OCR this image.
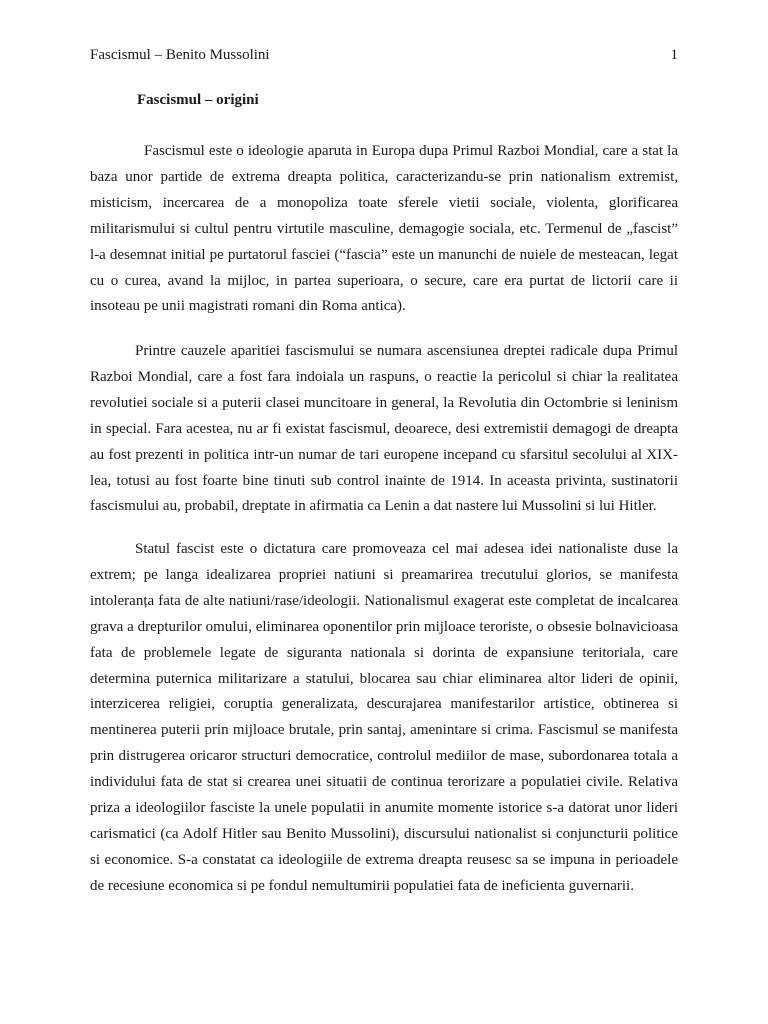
Fascismul – Benito Mussolini	1
Fascismul – origini

Fascismul este o ideologie aparuta in Europa dupa Primul Razboi Mondial, care a stat la baza unor partide de extrema dreapta politica, caracterizandu-se prin nationalism extremist, misticism, incercarea de a monopoliza toate sferele vietii sociale, violenta, glorificarea militarismului si cultul pentru virtutile masculine, demagogie sociala, etc. Termenul de „fascist” l-a desemnat initial pe purtatorul fasciei (“fascia” este un manunchi de nuiele de mesteacan, legat cu o curea, avand la mijloc, in partea superioara, o secure, care era purtat de lictorii care ii insoteau pe unii magistrati romani din Roma antica).

Printre cauzele aparitiei fascismului se numara ascensiunea dreptei radicale dupa Primul Razboi Mondial, care a fost fara indoiala un raspuns, o reactie la pericolul si chiar la realitatea revolutiei sociale si a puterii clasei muncitoare in general, la Revolutia din Octombrie si leninism in special. Fara acestea, nu ar fi existat fascismul, deoarece, desi extremistii demagogi de dreapta au fost prezenti in politica intr-un numar de tari europene incepand cu sfarsitul secolului al XIX-lea, totusi au fost foarte bine tinuti sub control inainte de 1914. In aceasta privinta, sustinatorii fascismului au, probabil, dreptate in afirmatia ca Lenin a dat nastere lui Mussolini si lui Hitler.

Statul fascist este o dictatura care promoveaza cel mai adesea idei nationaliste duse la extrem; pe langa idealizarea propriei natiuni si preamarirea trecutului glorios, se manifesta intoleranța fata de alte natiuni/rase/ideologii. Nationalismul exagerat este completat de incalcarea grava a drepturilor omului, eliminarea oponentilor prin mijloace teroriste, o obsesie bolnavicioasa fata de problemele legate de siguranta nationala si dorinta de expansiune teritoriala, care determina puternica militarizare a statului, blocarea sau chiar eliminarea altor lideri de opinii, interzicerea religiei, coruptia generalizata, descurajarea manifestarilor artistice, obtinerea si mentinerea puterii prin mijloace brutale, prin santaj, amenintare si crima. Fascismul se manifesta prin distrugerea oricaror structuri democratice, controlul mediilor de mase, subordonarea totala a individului fata de stat si crearea unei situatii de continua terorizare a populatiei civile. Relativa priza a ideologiilor fasciste la unele populatii in anumite momente istorice s-a datorat unor lideri carismatici (ca Adolf Hitler sau Benito Mussolini), discursului nationalist si conjuncturii politice si economice. S-a constatat ca ideologiile de extrema dreapta reusesc sa se impuna in perioadele de recesiune economica si pe fondul nemultumirii populatiei fata de ineficienta guvernarii.
